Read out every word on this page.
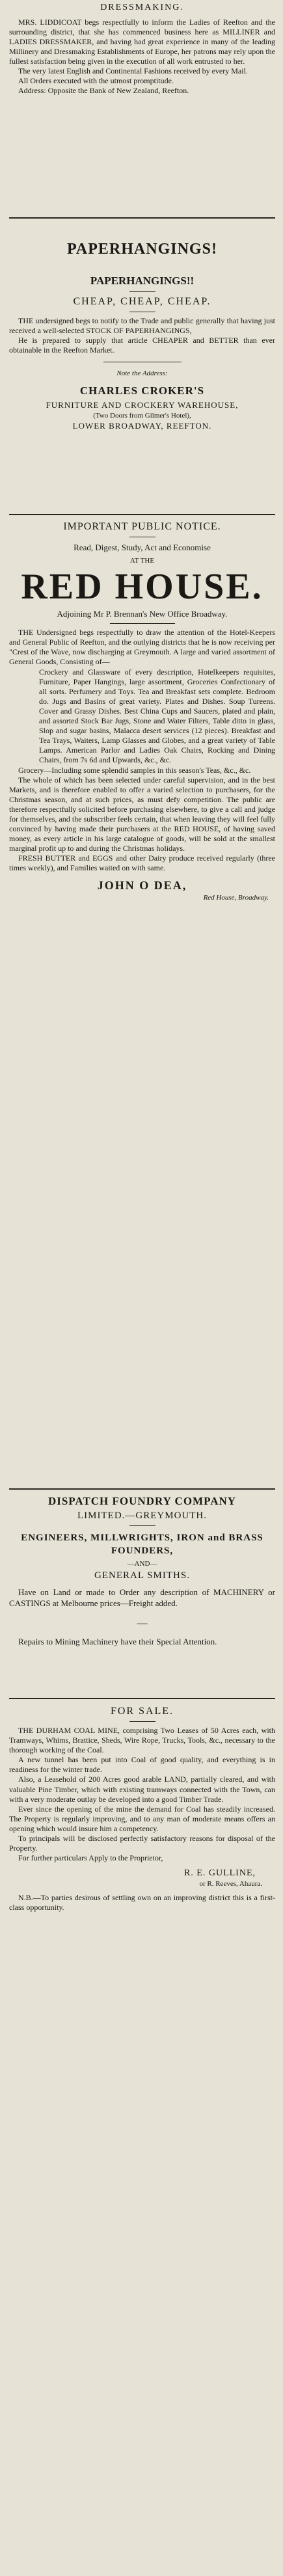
DRESSMAKING.

MRS. LIDDICOAT begs respectfully to inform the Ladies of Reefton and the surrounding district, that she has commenced business here as MILLINER and LADIES DRESSMAKER, and having had great experience in many of the leading Millinery and Dressmaking Establishments of Europe, her patrons may rely upon the fullest satisfaction being given in the execution of all work entrusted to her.

The very latest English and Continental Fashions received by every Mail.

All Orders executed with the utmost promptitude.

Address: Opposite the Bank of New Zealand, Reefton.

PAPERHANGINGS!

PAPERHANGINGS!!

CHEAP, CHEAP, CHEAP.

THE undersigned begs to notify to the Trade and public generally that having just received a well-selected STOCK OF PAPERHANGINGS,

He is prepared to supply that article CHEAPER and BETTER than ever obtainable in the Reefton Market.

Note the Address:

CHARLES CROKER'S

FURNITURE AND CROCKERY WAREHOUSE,

(Two Doors from Gilmer's Hotel),

LOWER BROADWAY, REEFTON.

IMPORTANT PUBLIC NOTICE.

Read, Digest, Study, Act and Economise

AT THE

RED HOUSE.

Adjoining Mr P. Brennan's New Office Broadway.

THE Undersigned begs respectfully to draw the attention of the Hotel-Keepers and General Public of Reefton, and the outlying districts that he is now receiving per "Crest of the Wave, now discharging at Greymouth. A large and varied assortment of General Goods, Consisting of—

Crockery and Glassware of every description, Hotelkeepers requisites, Furniture, Paper Hangings, large assortment, Groceries Confectionary of all sorts. Perfumery and Toys. Tea and Breakfast sets complete. Bedroom do. Jugs and Basins of great variety. Plates and Dishes. Soup Tureens. Cover and Grassy Dishes. Best China Cups and Saucers, plated and plain, and assorted Stock Bar Jugs, Stone and Water Filters, Table ditto in glass, Slop and sugar basins, Malacca desert services (12 pieces). Breakfast and Tea Trays, Waiters, Lamp Glasses and Globes, and a great variety of Table Lamps. American Parlor and Ladies Oak Chairs, Rocking and Dining Chairs, from 7s 6d and Upwards, &c., &c.

Grocery—Including some splendid samples in this season's Teas, &c., &c.

The whole of which has been selected under careful supervision, and in the best Markets, and is therefore enabled to offer a varied selection to purchasers, for the Christmas season, and at such prices, as must defy competition. The public are therefore respectfully solicited before purchasing elsewhere, to give a call and judge for themselves, and the subscriber feels certain, that when leaving they will feel fully convinced by having made their purchasers at the RED HOUSE, of having saved money, as every article in his large catalogue of goods, will be sold at the smallest marginal profit up to and during the Christmas holidays.

FRESH BUTTER and EGGS and other Dairy produce received regularly (three times weekly), and Families waited on with same.

JOHN O DEA,

Red House, Broadway.

DISPATCH FOUNDRY COMPANY

LIMITED.—GREYMOUTH.

ENGINEERS, MILLWRIGHTS, IRON and BRASS FOUNDERS,

—AND—

GENERAL SMITHS.

Have on Land or made to Order any description of MACHINERY or CASTINGS at Melbourne prices—Freight added.

—

Repairs to Mining Machinery have their Special Attention.

FOR SALE.

THE DURHAM COAL MINE, comprising Two Leases of 50 Acres each, with Tramways, Whims, Brattice, Sheds, Wire Rope, Trucks, Tools, &c., necessary to the thorough working of the Coal.

A new tunnel has been put into Coal of good quality, and everything is in readiness for the winter trade.

Also, a Leasehold of 200 Acres good arable LAND, partially cleared, and with valuable Pine Timber, which with existing tramways connected with the Town, can with a very moderate outlay be developed into a good Timber Trade.

Ever since the opening of the mine the demand for Coal has steadily increased. The Property is regularly improving, and to any man of moderate means offers an opening which would insure him a competency.

To principals will be disclosed perfectly satisfactory reasons for disposal of the Property.

For further particulars Apply to the Proprietor,

R. E. GULLINE,

or R. Reeves, Ahaura.

N.B.—To parties desirous of settling own on an improving district this is a first-class opportunity.
